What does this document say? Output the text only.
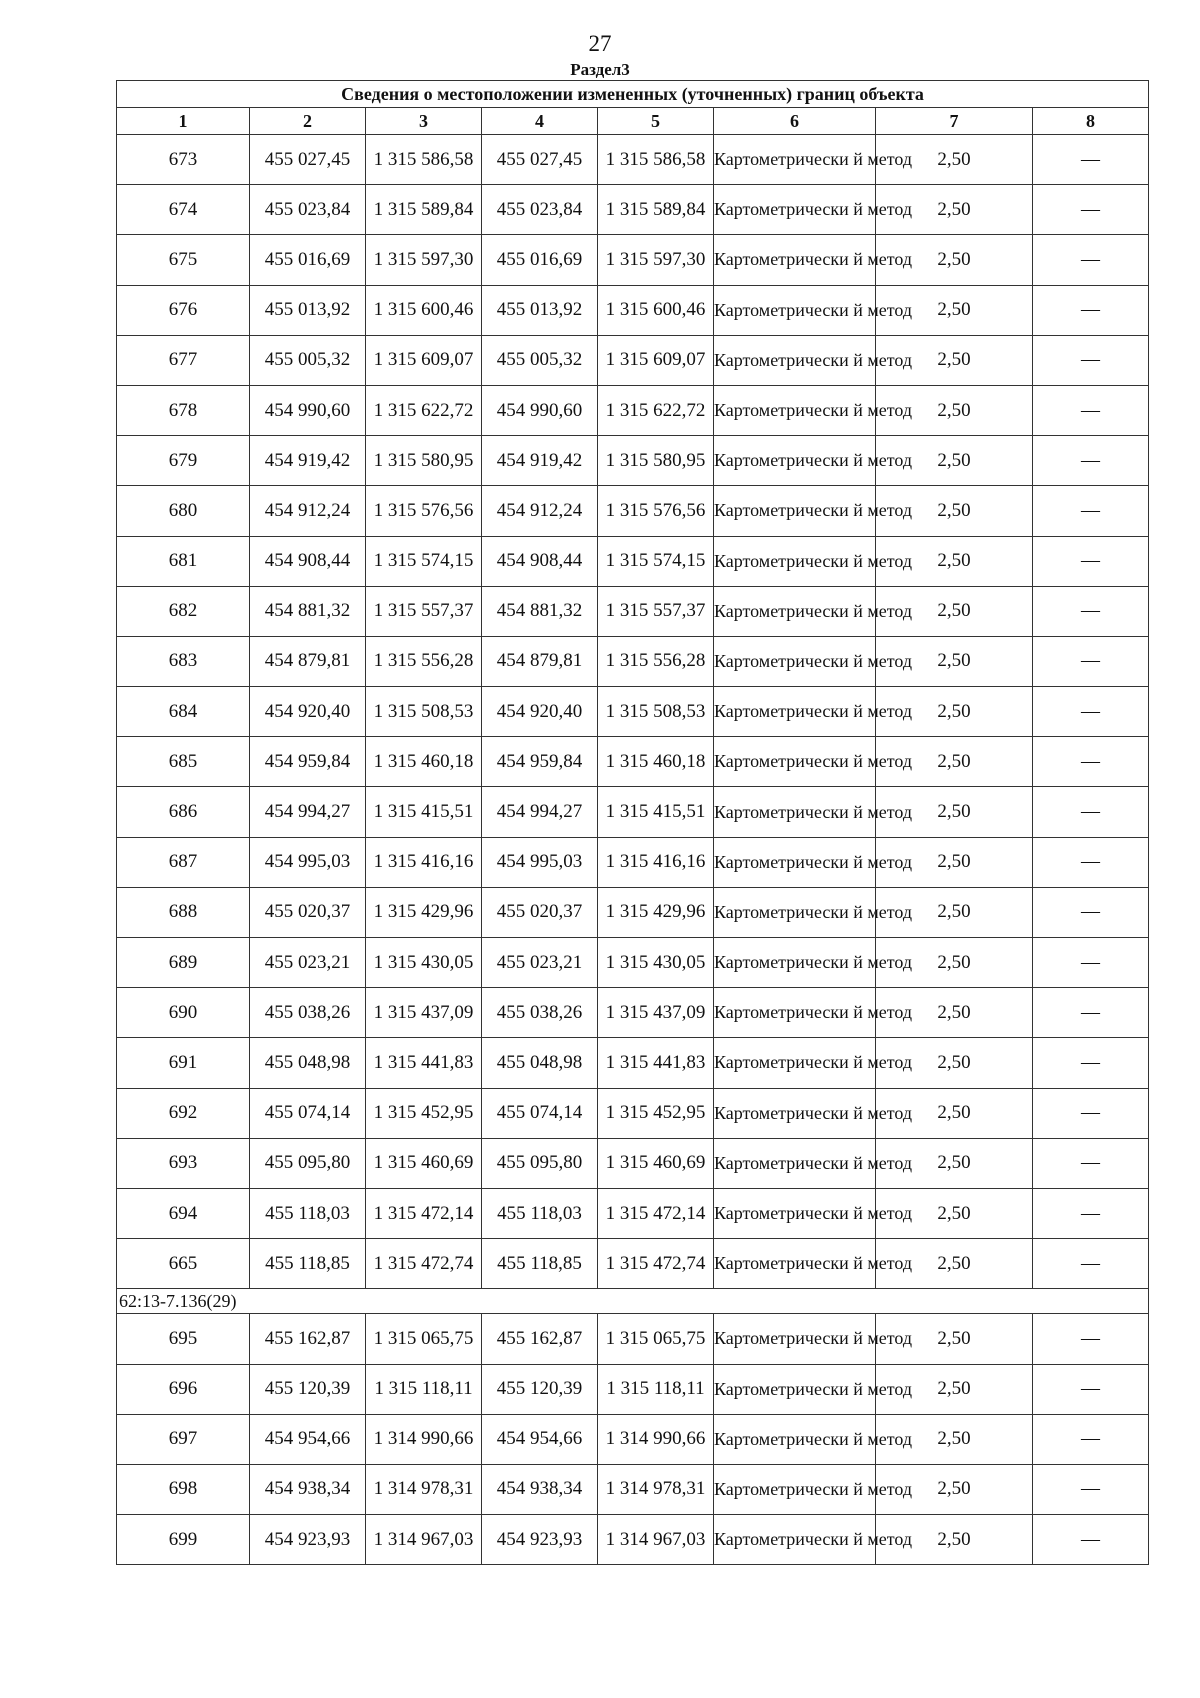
27
Раздел3
Сведения о местоположении измененных (уточненных) границ объекта							
1	2	3	4	5	6	7	8
673	455 027,45	1 315 586,58	455 027,45	1 315 586,58	Картометрически й метод	2,50	—
674	455 023,84	1 315 589,84	455 023,84	1 315 589,84	Картометрически й метод	2,50	—
675	455 016,69	1 315 597,30	455 016,69	1 315 597,30	Картометрически й метод	2,50	—
676	455 013,92	1 315 600,46	455 013,92	1 315 600,46	Картометрически й метод	2,50	—
677	455 005,32	1 315 609,07	455 005,32	1 315 609,07	Картометрически й метод	2,50	—
678	454 990,60	1 315 622,72	454 990,60	1 315 622,72	Картометрически й метод	2,50	—
679	454 919,42	1 315 580,95	454 919,42	1 315 580,95	Картометрически й метод	2,50	—
680	454 912,24	1 315 576,56	454 912,24	1 315 576,56	Картометрически й метод	2,50	—
681	454 908,44	1 315 574,15	454 908,44	1 315 574,15	Картометрически й метод	2,50	—
682	454 881,32	1 315 557,37	454 881,32	1 315 557,37	Картометрически й метод	2,50	—
683	454 879,81	1 315 556,28	454 879,81	1 315 556,28	Картометрически й метод	2,50	—
684	454 920,40	1 315 508,53	454 920,40	1 315 508,53	Картометрически й метод	2,50	—
685	454 959,84	1 315 460,18	454 959,84	1 315 460,18	Картометрически й метод	2,50	—
686	454 994,27	1 315 415,51	454 994,27	1 315 415,51	Картометрически й метод	2,50	—
687	454 995,03	1 315 416,16	454 995,03	1 315 416,16	Картометрически й метод	2,50	—
688	455 020,37	1 315 429,96	455 020,37	1 315 429,96	Картометрически й метод	2,50	—
689	455 023,21	1 315 430,05	455 023,21	1 315 430,05	Картометрически й метод	2,50	—
690	455 038,26	1 315 437,09	455 038,26	1 315 437,09	Картометрически й метод	2,50	—
691	455 048,98	1 315 441,83	455 048,98	1 315 441,83	Картометрически й метод	2,50	—
692	455 074,14	1 315 452,95	455 074,14	1 315 452,95	Картометрически й метод	2,50	—
693	455 095,80	1 315 460,69	455 095,80	1 315 460,69	Картометрически й метод	2,50	—
694	455 118,03	1 315 472,14	455 118,03	1 315 472,14	Картометрически й метод	2,50	—
665	455 118,85	1 315 472,74	455 118,85	1 315 472,74	Картометрически й метод	2,50	—
62:13-7.136(29)							
695	455 162,87	1 315 065,75	455 162,87	1 315 065,75	Картометрически й метод	2,50	—
696	455 120,39	1 315 118,11	455 120,39	1 315 118,11	Картометрически й метод	2,50	—
697	454 954,66	1 314 990,66	454 954,66	1 314 990,66	Картометрически й метод	2,50	—
698	454 938,34	1 314 978,31	454 938,34	1 314 978,31	Картометрически й метод	2,50	—
699	454 923,93	1 314 967,03	454 923,93	1 314 967,03	Картометрически й метод	2,50	—
